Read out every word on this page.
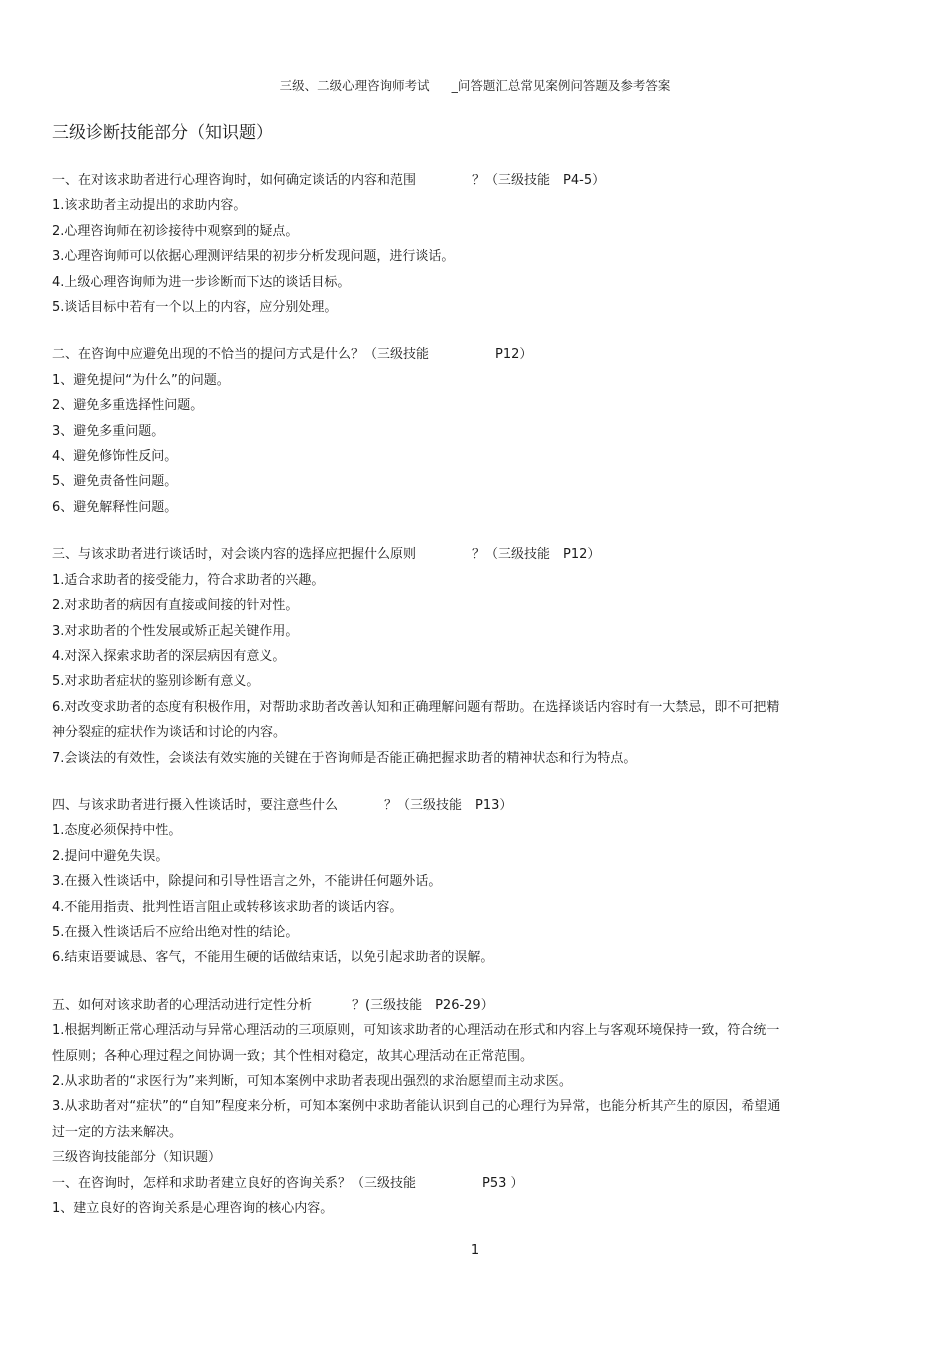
三级、二级心理咨询师考试 _问答题汇总常见案例问答题及参考答案
三级诊断技能部分（知识题）
一、在对该求助者进行心理咨询时，如何确定谈话的内容和范围	？（三级技能　P4-5）
1.该求助者主动提出的求助内容。
2.心理咨询师在初诊接待中观察到的疑点。
3.心理咨询师可以依据心理测评结果的初步分析发现问题，进行谈话。
4.上级心理咨询师为进一步诊断而下达的谈话目标。
5.谈话目标中若有一个以上的内容，应分别处理。
二、在咨询中应避免出现的不恰当的提问方式是什么？（三级技能	P12）
1、避免提问“为什么”的问题。
2、避免多重选择性问题。
3、避免多重问题。
4、避免修饰性反问。
5、避免责备性问题。
6、避免解释性问题。
三、与该求助者进行谈话时，对会谈内容的选择应把握什么原则	？（三级技能　P12）
1.适合求助者的接受能力，符合求助者的兴趣。
2.对求助者的病因有直接或间接的针对性。
3.对求助者的个性发展或矫正起关键作用。
4.对深入探索求助者的深层病因有意义。
5.对求助者症状的鉴别诊断有意义。
6.对改变求助者的态度有积极作用，对帮助求助者改善认知和正确理解问题有帮助。在选择谈话内容时有一大禁忌，即不可把精神分裂症的症状作为谈话和讨论的内容。
7.会谈法的有效性，会谈法有效实施的关键在于咨询师是否能正确把握求助者的精神状态和行为特点。
四、与该求助者进行摄入性谈话时，要注意些什么	？（三级技能　P13）
1.态度必须保持中性。
2.提问中避免失误。
3.在摄入性谈话中，除提问和引导性语言之外，不能讲任何题外话。
4.不能用指责、批判性语言阻止或转移该求助者的谈话内容。
5.在摄入性谈话后不应给出绝对性的结论。
6.结束语要诚恳、客气，不能用生硬的话做结束话，以免引起求助者的误解。
五、如何对该求助者的心理活动进行定性分析	？(三级技能　P26-29）
1.根据判断正常心理活动与异常心理活动的三项原则，可知该求助者的心理活动在形式和内容上与客观环境保持一致，符合统一性原则；各种心理过程之间协调一致；其个性相对稳定，故其心理活动在正常范围。
2.从求助者的“求医行为”来判断，可知本案例中求助者表现出强烈的求治愿望而主动求医。
3.从求助者对“症状”的“自知”程度来分析，可知本案例中求助者能认识到自己的心理行为异常，也能分析其产生的原因，希望通过一定的方法来解决。
三级咨询技能部分（知识题）
一、在咨询时，怎样和求助者建立良好的咨询关系？（三级技能	P53 ）
1、建立良好的咨询关系是心理咨询的核心内容。
1
